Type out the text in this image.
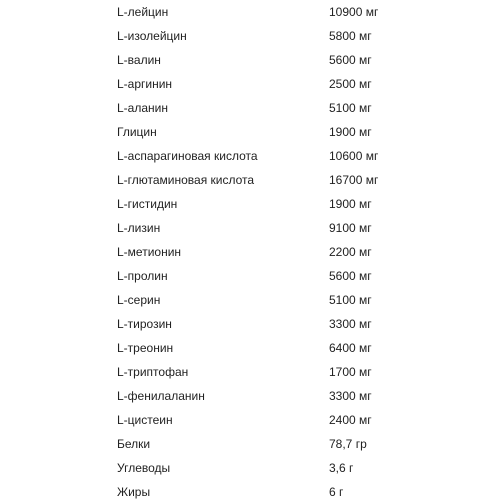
L-лейцин	10900 мг
L-изолейцин	5800 мг
L-валин	5600 мг
L-аргинин	2500 мг
L-аланин	5100 мг
Глицин	1900 мг
L-аспарагиновая кислота	10600 мг
L-глютаминовая кислота	16700 мг
L-гистидин	1900 мг
L-лизин	9100 мг
L-метионин	2200 мг
L-пролин	5600 мг
L-серин	5100 мг
L-тирозин	3300 мг
L-треонин	6400 мг
L-триптофан	1700 мг
L-фенилаланин	3300 мг
L-цистеин	2400 мг
Белки	78,7 гр
Углеводы	3,6 г
Жиры	6 г
